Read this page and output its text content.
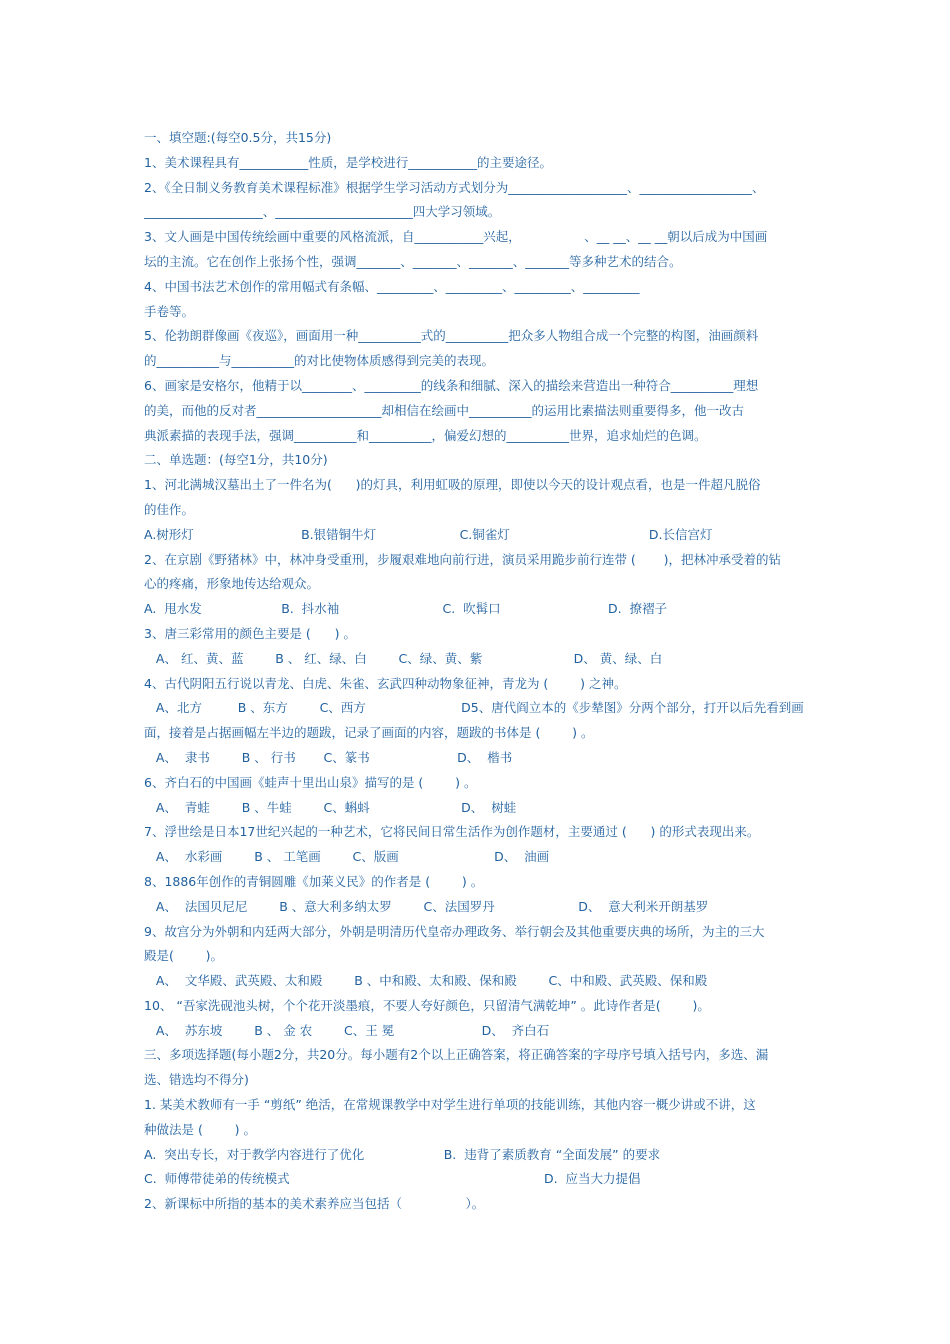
一、填空题:(每空0.5分，共15分)
1、美术课程具有___________性质，是学校进行___________的主要途径。
2、《全日制义务教育美术课程标准》根据学生学习活动方式划分为___________________、__________________、
___________________、______________________四大学习领域。
3、文人画是中国传统绘画中重要的风格流派，自___________兴起，                、__ __、__ __朝以后成为中国画
坛的主流。它在创作上张扬个性，强调_______、_______、_______、_______等多种艺术的结合。
4、中国书法艺术创作的常用幅式有条幅、_________、_________、_________、_________
手卷等。
5、伦勃朗群像画《夜巡》，画面用一种__________式的__________把众多人物组合成一个完整的构图，油画颜料
的__________与__________的对比使物体质感得到完美的表现。
6、画家是安格尔，他精于以________、_________的线条和细腻、深入的描绘来营造出一种符合__________理想
的美，而他的反对者____________________却相信在绘画中__________的运用比素描法则重要得多，他一改古
典派素描的表现手法，强调__________和__________，偏爱幻想的__________世界，追求灿烂的色调。
二、单选题：(每空1分，共10分)
1、河北满城汉墓出土了一件名为(      )的灯具，利用虹吸的原理，即使以今天的设计观点看，也是一件超凡脱俗
的佳作。
A.树形灯                           B.银错铜牛灯                     C.铜雀灯                                   D.长信宫灯
2、在京剧《野猪林》中，林冲身受重刑，步履艰难地向前行进，演员采用跪步前行连带 (       )，把林冲承受着的钻
心的疼痛，形象地传达给观众。
A.  甩水发                    B.  抖水袖                          C.  吹髯口                           D.  撩褶子
3、唐三彩常用的颜色主要是 (      ) 。
A、 红、黄、蓝        B 、 红、绿、白        C、绿、黄、紫                       D、 黄、绿、白
4、古代阴阳五行说以青龙、白虎、朱雀、玄武四种动物象征神，青龙为 (        ) 之神。
A、北方         B 、东方        C、西方                        D5、唐代阎立本的《步辇图》分两个部分，打开以后先看到画
面，接着是占据画幅左半边的题跋，记录了画面的内容，题跋的书体是 (        ) 。
A、  隶书        B 、 行书       C、篆书                      D、  楷书
6、齐白石的中国画《蛙声十里出山泉》描写的是 (        ) 。
A、  青蛙        B 、牛蛙        C、蝌蚪                       D、  树蛙
7、浮世绘是日本17世纪兴起的一种艺术，它将民间日常生活作为创作题材，主要通过 (      ) 的形式表现出来。
A、  水彩画        B 、 工笔画        C、版画                        D、  油画
8、1886年创作的青铜圆雕《加莱义民》的作者是 (        ) 。
A、  法国贝尼尼        B 、意大利多纳太罗        C、法国罗丹                     D、  意大利米开朗基罗
9、故宫分为外朝和内廷两大部分，外朝是明清历代皇帝办理政务、举行朝会及其他重要庆典的场所，为主的三大
殿是(        )。
A、  文华殿、武英殿、太和殿        B 、中和殿、太和殿、保和殿        C、中和殿、武英殿、保和殿
10、 “吾家洗砚池头树，个个花开淡墨痕，不要人夸好颜色，只留清气满乾坤” 。此诗作者是(        )。
A、  苏东坡        B 、 金 农        C、王 冕                      D、  齐白石
三、多项选择题(每小题2分，共20分。每小题有2个以上正确答案，将正确答案的字母序号填入括号内，多选、漏
选、错选均不得分)
1. 某美术教师有一手 “剪纸” 绝活，在常规课教学中对学生进行单项的技能训练，其他内容一概少讲或不讲，这
种做法是 (        ) 。
A.  突出专长，对于教学内容进行了优化                    B.  违背了素质教育 “全面发展” 的要求
C.  师傅带徒弟的传统模式                                                                D.  应当大力提倡
2、新课标中所指的基本的美术素养应当包括（                ）。
